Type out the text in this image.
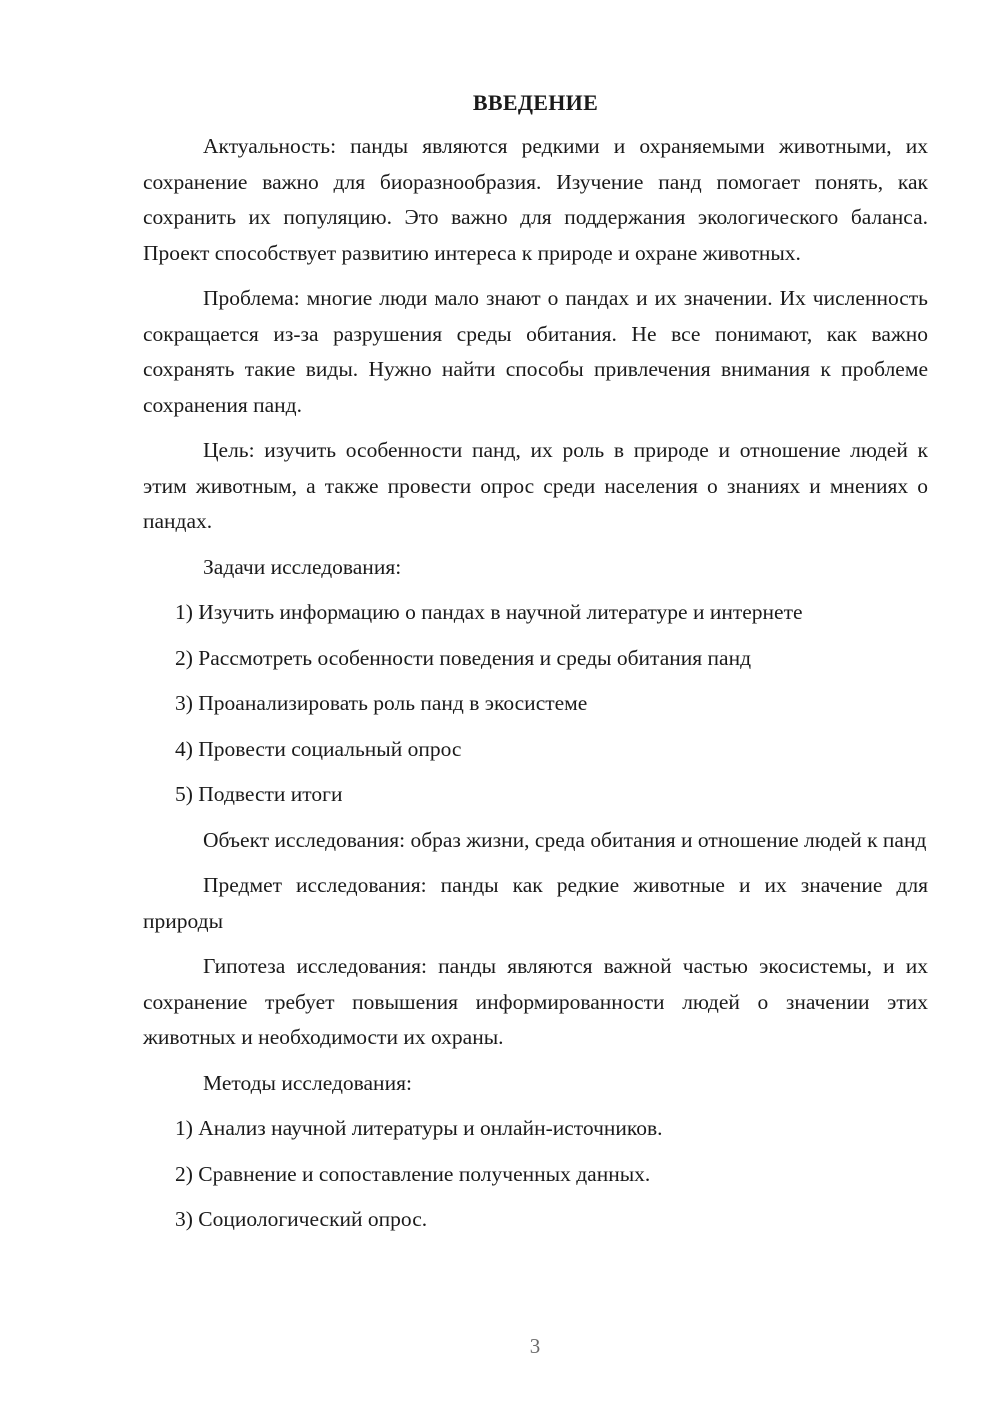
ВВЕДЕНИЕ

Актуальность: панды являются редкими и охраняемыми животными, их сохранение важно для биоразнообразия. Изучение панд помогает понять, как сохранить их популяцию. Это важно для поддержания экологического баланса. Проект способствует развитию интереса к природе и охране животных.

Проблема: многие люди мало знают о пандах и их значении. Их численность сокращается из-за разрушения среды обитания. Не все понимают, как важно сохранять такие виды. Нужно найти способы привлечения внимания к проблеме сохранения панд.

Цель: изучить особенности панд, их роль в природе и отношение людей к этим животным, а также провести опрос среди населения о знаниях и мнениях о пандах.

Задачи исследования:
1) Изучить информацию о пандах в научной литературе и интернете
2) Рассмотреть особенности поведения и среды обитания панд
3) Проанализировать роль панд в экосистеме
4) Провести социальный опрос
5) Подвести итоги

Объект исследования: образ жизни, среда обитания и отношение людей к панд

Предмет исследования: панды как редкие животные и их значение для природы

Гипотеза исследования: панды являются важной частью экосистемы, и их сохранение требует повышения информированности людей о значении этих животных и необходимости их охраны.

Методы исследования:
1) Анализ научной литературы и онлайн-источников.
2) Сравнение и сопоставление полученных данных.
3) Социологический опрос.
3
